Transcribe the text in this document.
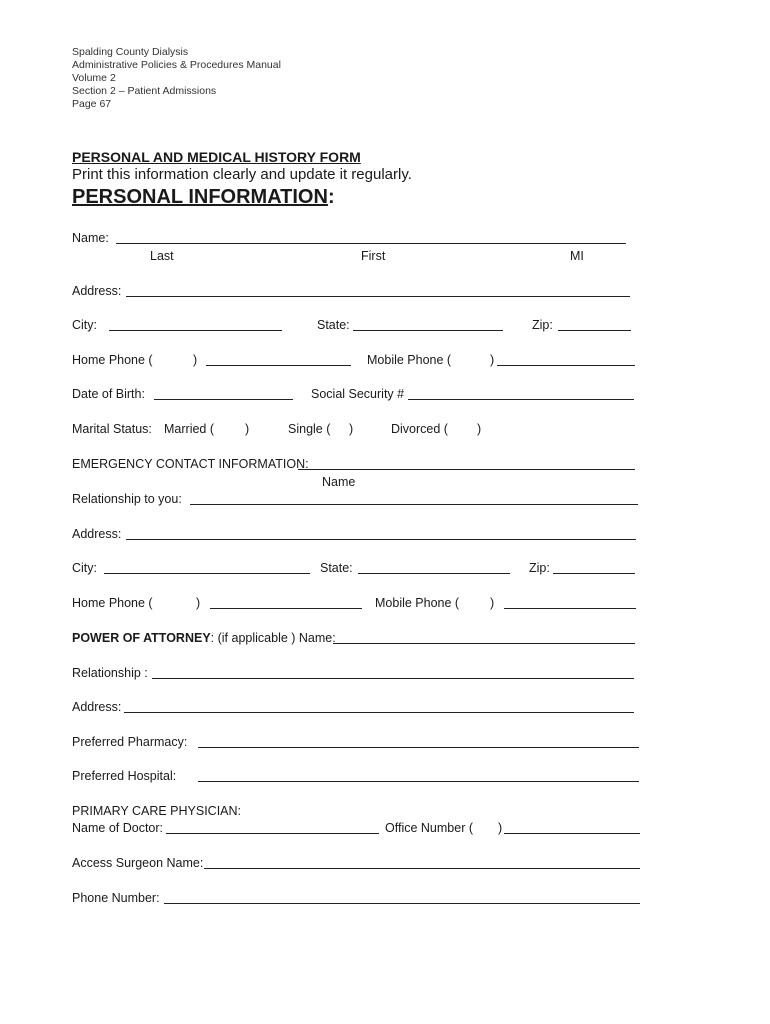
Spalding County Dialysis
Administrative Policies & Procedures Manual
Volume 2
Section 2 – Patient Admissions
Page 67
PERSONAL AND MEDICAL HISTORY FORM
Print this information clearly and update it regularly.
PERSONAL INFORMATION:
Name:
Last	First	MI
Address:
City:	State:	Zip:
Home Phone (	)	Mobile Phone (	)
Date of Birth:	Social Security #
Marital Status: Married ( )	Single ( )	Divorced ( )
EMERGENCY CONTACT INFORMATION:
Name
Relationship to you:
Address:
City:	State:	Zip:
Home Phone (	)	Mobile Phone ( )
POWER OF ATTORNEY: (if applicable ) Name:
Relationship :
Address:
Preferred Pharmacy:
Preferred Hospital:
PRIMARY CARE PHYSICIAN:
Name of Doctor:	Office Number ( )
Access Surgeon Name:
Phone Number:
